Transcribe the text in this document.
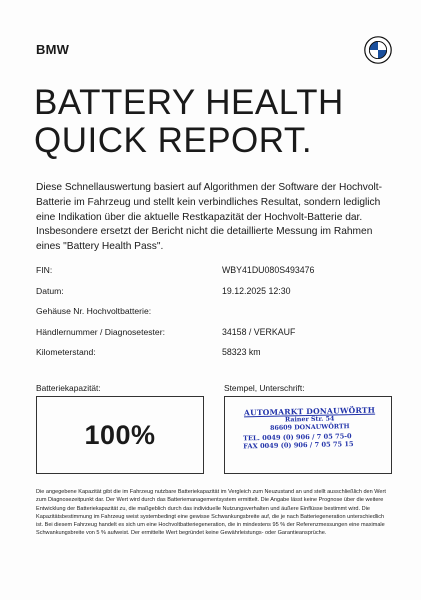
BMW
BATTERY HEALTH
QUICK REPORT.
Diese Schnellauswertung basiert auf Algorithmen der Software der Hochvolt-Batterie im Fahrzeug und stellt kein verbindliches Resultat, sondern lediglich eine Indikation über die aktuelle Restkapazität der Hochvolt-Batterie dar. Insbesondere ersetzt der Bericht nicht die detaillierte Messung im Rahmen eines "Battery Health Pass".
FIN:	WBY41DU080S493476
Datum:	19.12.2025 12:30
Gehäuse Nr. Hochvoltbatterie:
Händlernummer / Diagnosetester:	34158 / VERKAUF
Kilometerstand:	58323 km
Batteriekapazität:	Stempel, Unterschrift:
100%
AUTOMARKT DONAUWÖRTH
Rainer Str. 54
86609 DONAUWÖRTH
TEL. 0049 (0) 906 / 7 05 75-0
FAX 0049 (0) 906 / 7 05 75 15
Die angegebene Kapazität gibt die im Fahrzeug nutzbare Batteriekapazität im Vergleich zum Neuzustand an und stellt ausschließlich den Wert zum Diagnosezeitpunkt dar. Der Wert wird durch das Batteriemanagementsystem ermittelt. Die Angabe lässt keine Prognose über die weitere Entwicklung der Batteriekapazität zu, die maßgeblich durch das individuelle Nutzungsverhalten und äußere Einflüsse bestimmt wird. Die Kapazitätsbestimmung im Fahrzeug weist systembedingt eine gewisse Schwankungsbreite auf, die je nach Batteriegeneration unterschiedlich ist. Bei diesem Fahrzeug handelt es sich um eine Hochvoltbatteriegeneration, die in mindestens 95 % der Referenzmessungen eine maximale Schwankungsbreite von 5 % aufweist. Der ermittelte Wert begründet keine Gewährleistungs- oder Garantieansprüche.
